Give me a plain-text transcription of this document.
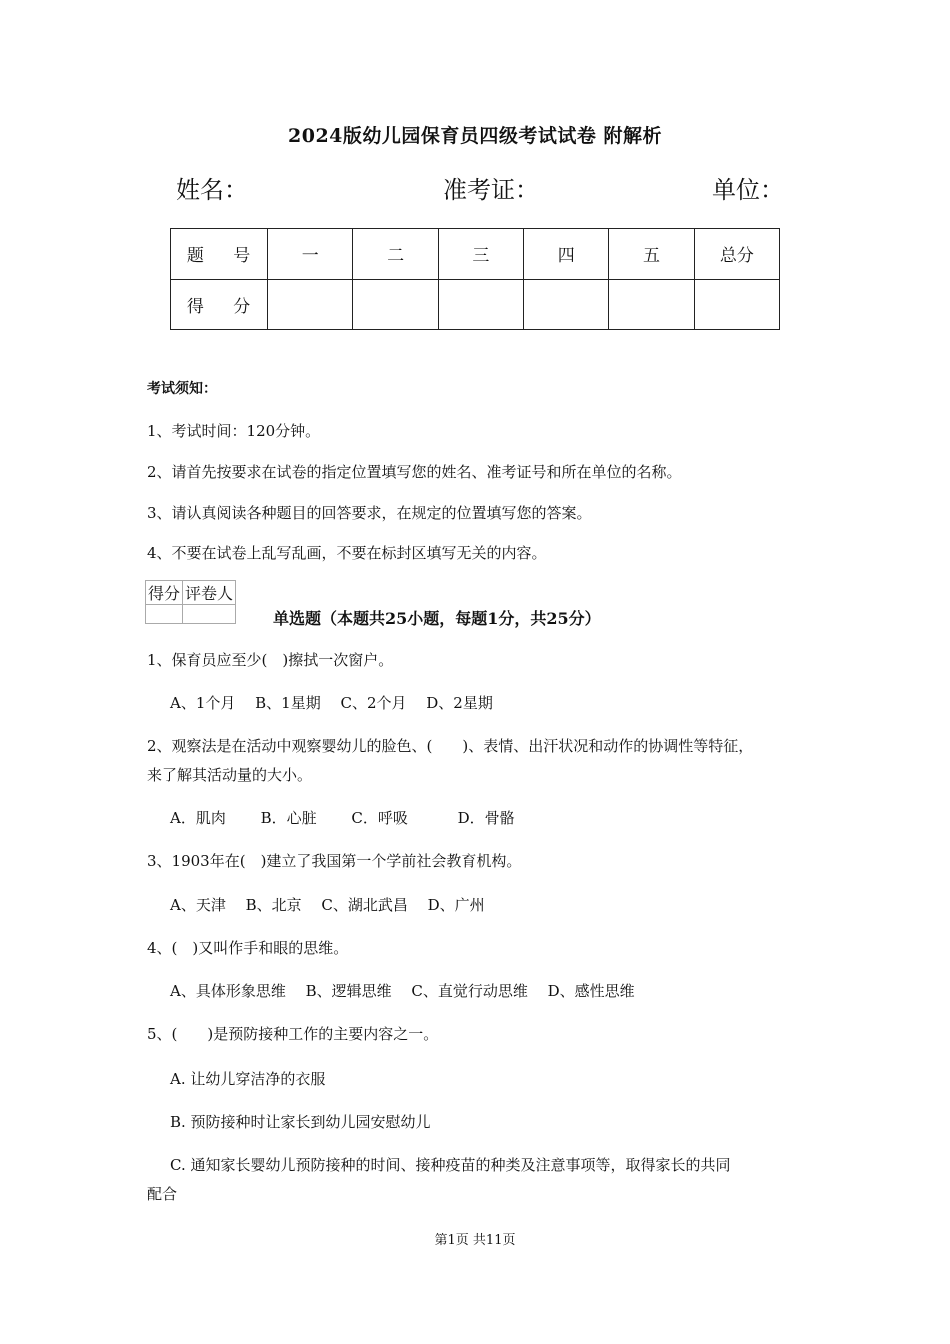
2024版幼儿园保育员四级考试试卷 附解析
姓名：	准考证：	单位：
题 号	一	二	三	四	五	总分
得 分						
考试须知：
1、考试时间：120分钟。
2、请首先按要求在试卷的指定位置填写您的姓名、准考证号和所在单位的名称。
3、请认真阅读各种题目的回答要求，在规定的位置填写您的答案。
4、不要在试卷上乱写乱画，不要在标封区填写无关的内容。
得分	评卷人

单选题（本题共25小题，每题1分，共25分）
1、保育员应至少(　)擦拭一次窗户。
A、1个月　 B、1星期　 C、2个月　 D、2星期
2、观察法是在活动中观察婴幼儿的脸色、(　　)、表情、出汗状况和动作的协调性等特征，
来了解其活动量的大小。
A．肌肉　　 B．心脏　　 C．呼吸　　　 D．骨骼
3、1903年在(　)建立了我国第一个学前社会教育机构。
A、天津　 B、北京　 C、湖北武昌　 D、广州
4、(　)又叫作手和眼的思维。
A、具体形象思维　 B、逻辑思维　 C、直觉行动思维　 D、感性思维
5、(　　)是预防接种工作的主要内容之一。
A. 让幼儿穿洁净的衣服
B. 预防接种时让家长到幼儿园安慰幼儿
C. 通知家长婴幼儿预防接种的时间、接种疫苗的种类及注意事项等，取得家长的共同
配合
第1页 共11页
